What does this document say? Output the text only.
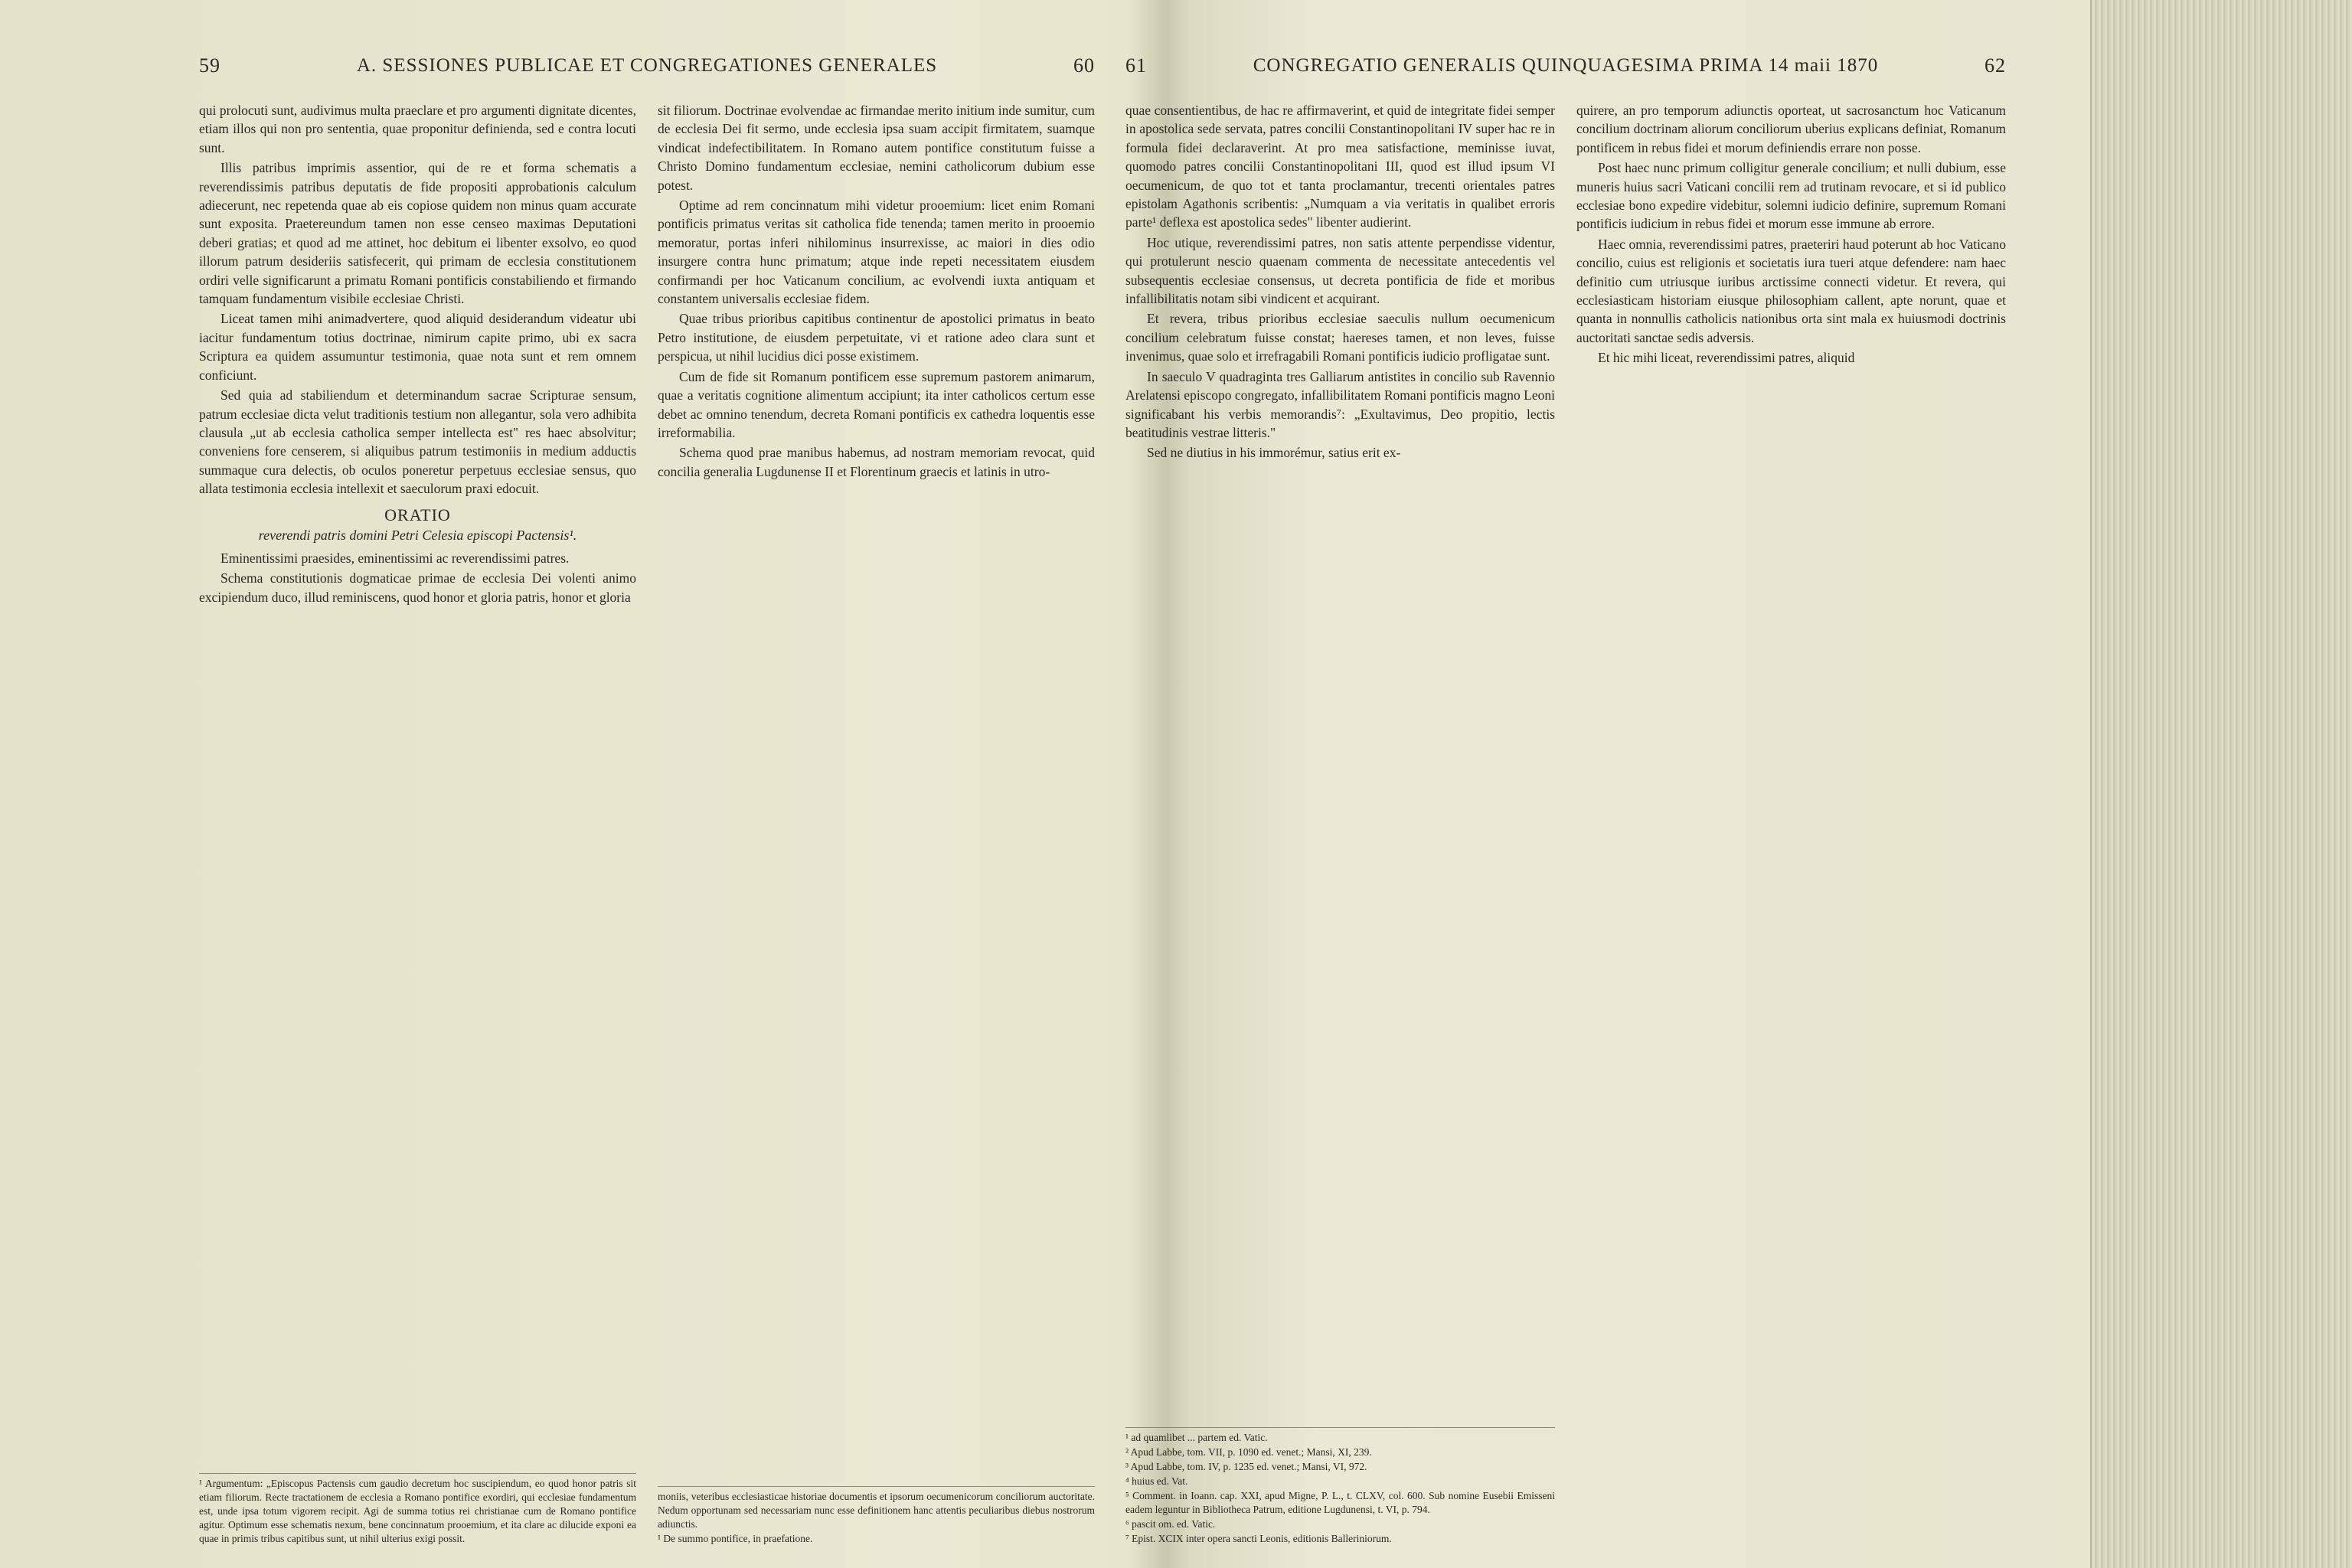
59	A. SESSIONES PUBLICAE ET CONGREGATIONES GENERALES	60

qui prolocuti sunt, audivimus multa praeclare et pro argumenti dignitate dicentes, etiam illos qui non pro sententia, quae proponitur definienda, sed e contra locuti sunt.

Illis patribus imprimis assentior, qui de re et forma schematis a reverendissimis patribus deputatis de fide propositi approbationis calculum adiecerunt, nec repetenda quae ab eis copiose quidem non minus quam accurate sunt exposita. Praetereundum tamen non esse censeo maximas Deputationi deberi gratias; et quod ad me attinet, hoc debitum ei libenter exsolvo, eo quod illorum patrum desideriis satisfecerit, qui primam de ecclesia constitutionem ordiri velle significarunt a primatu Romani pontificis constabiliendo et firmando tamquam fundamentum visibile ecclesiae Christi.

Liceat tamen mihi animadvertere, quod aliquid desiderandum videatur ubi iacitur fundamentum totius doctrinae, nimirum capite primo, ubi ex sacra Scriptura ea quidem assumuntur testimonia, quae nota sunt et rem omnem conficiunt.

Sed quia ad stabiliendum et determinandum sacrae Scripturae sensum, patrum ecclesiae dicta velut traditionis testium non allegantur, sola vero adhibita clausula „ut ab ecclesia catholica semper intellecta est" res haec absolvitur; conveniens fore censerem, si aliquibus patrum testimoniis in medium adductis summaque cura delectis, ob oculos poneretur perpetuus ecclesiae sensus, quo allata testimonia ecclesia intellexit et saeculorum praxi edocuit.

ORATIO
reverendi patris domini Petri Celesia episcopi Pactensis¹.

Eminentissimi praesides, eminentissimi ac reverendissimi patres.

Schema constitutionis dogmaticae primae de ecclesia Dei volenti animo excipiendum duco, illud reminiscens, quod honor et gloria patris, honor et gloria

¹ Argumentum: „Episcopus Pactensis cum gaudio decretum hoc suscipiendum, eo quod honor patris sit etiam filiorum. Recte tractationem de ecclesia a Romano pontifice exordiri, qui ecclesiae fundamentum est, unde ipsa totum vigorem recipit. Agi de summa totius rei christianae cum de Romano pontifice agitur. Optimum esse schematis nexum, bene concinnatum prooemium, et ita clare ac dilucide exponi ea quae in primis tribus capitibus sunt, ut nihil ulterius exigi possit.

sit filiorum. Doctrinae evolvendae ac firmandae merito initium inde sumitur, cum de ecclesia Dei fit sermo, unde ecclesia ipsa suam accipit firmitatem, suamque vindicat indefectibilitatem. In Romano autem pontifice constitutum fuisse a Christo Domino fundamentum ecclesiae, nemini catholicorum dubium esse potest.

Optime ad rem concinnatum mihi videtur prooemium: licet enim Romani pontificis primatus veritas sit catholica fide tenenda; tamen merito in prooemio memoratur, portas inferi nihilominus insurrexisse, ac maiori in dies odio insurgere contra hunc primatum; atque inde repeti necessitatem eiusdem confirmandi per hoc Vaticanum concilium, ac evolvendi iuxta antiquam et constantem universalis ecclesiae fidem.

Quae tribus prioribus capitibus continentur de apostolici primatus in beato Petro institutione, de eiusdem perpetuitate, vi et ratione adeo clara sunt et perspicua, ut nihil lucidius dici posse existimem.

Cum de fide sit Romanum pontificem esse supremum pastorem animarum, quae a veritatis cognitione alimentum accipiunt; ita inter catholicos certum esse debet ac omnino tenendum, decreta Romani pontificis ex cathedra loquentis esse irreformabilia.

Schema quod prae manibus habemus, ad nostram memoriam revocat, quid concilia generalia Lugdunense II et Florentinum graecis et latinis in utro-

moniis, veteribus ecclesiasticae historiae documentis et ipsorum oecumenicorum conciliorum auctoritate. Nedum opportunam sed necessariam nunc esse definitionem hanc attentis peculiaribus diebus nostrorum adiunctis.
¹ De summo pontifice, in praefatione.
61	CONGREGATIO GENERALIS QUINQUAGESIMA PRIMA 14 maii 1870	62

quae consentientibus, de hac re affirmaverint, et quid de integritate fidei semper in apostolica sede servata, patres concilii Constantinopolitani IV super hac re in formula fidei declaraverint. At pro mea satisfactione, meminisse iuvat, quomodo patres concilii Constantinopolitani III, quod est illud ipsum VI oecumenicum, de quo tot et tanta proclamantur, trecenti orientales patres epistolam Agathonis scribentis: „Numquam a via veritatis in qualibet erroris parte¹ deflexa est apostolica sedes" libenter audierint.

Hoc utique, reverendissimi patres, non satis attente perpendisse videntur, qui protulerunt nescio quaenam commenta de necessitate antecedentis vel subsequentis ecclesiae consensus, ut decreta pontificia de fide et moribus infallibilitatis notam sibi vindicent et acquirant.

Et revera, tribus prioribus ecclesiae saeculis nullum oecumenicum concilium celebratum fuisse constat; haereses tamen, et non leves, fuisse invenimus, quae solo et irrefragabili Romani pontificis iudicio profligatae sunt.

In saeculo V quadraginta tres Galliarum antistites in concilio sub Ravennio Arelatensi episcopo congregato, infallibilitatem Romani pontificis magno Leoni significabant his verbis memorandis⁷: „Exultavimus, Deo propitio, lectis beatitudinis vestrae litteris."

Sed ne diutius in his immorémur, satius erit ex-

¹ ad quamlibet ... partem ed. Vatic.
² Apud Labbe, tom. VII, p. 1090 ed. venet.; Mansi, XI, 239.
³ Apud Labbe, tom. IV, p. 1235 ed. venet.; Mansi, VI, 972.
⁴ huius ed. Vat.
⁵ Comment. in Ioann. cap. XXI, apud Migne, P. L., t. CLXV, col. 600. Sub nomine Eusebii Emisseni eadem leguntur in Bibliotheca Patrum, editione Lugdunensi, t. VI, p. 794.
⁶ pascit om. ed. Vatic.
⁷ Epist. XCIX inter opera sancti Leonis, editionis Balleriniorum.

quirere, an pro temporum adiunctis oporteat, ut sacrosanctum hoc Vaticanum concilium doctrinam aliorum conciliorum uberius explicans definiat, Romanum pontificem in rebus fidei et morum definiendis errare non posse.

Post haec nunc primum colligitur generale concilium; et nulli dubium, esse muneris huius sacri Vaticani concilii rem ad trutinam revocare, et si id publico ecclesiae bono expedire videbitur, solemni iudicio definire, supremum Romani pontificis iudicium in rebus fidei et morum esse immune ab errore.

Haec omnia, reverendissimi patres, praeteriri haud poterunt ab hoc Vaticano concilio, cuius est religionis et societatis iura tueri atque defendere: nam haec definitio cum utriusque iuribus arctissime connecti videtur. Et revera, qui ecclesiasticam historiam eiusque philosophiam callent, apte norunt, quae et quanta in nonnullis catholicis nationibus orta sint mala ex huiusmodi doctrinis auctoritati sanctae sedis adversis.

Et hic mihi liceat, reverendissimi patres, aliquid
